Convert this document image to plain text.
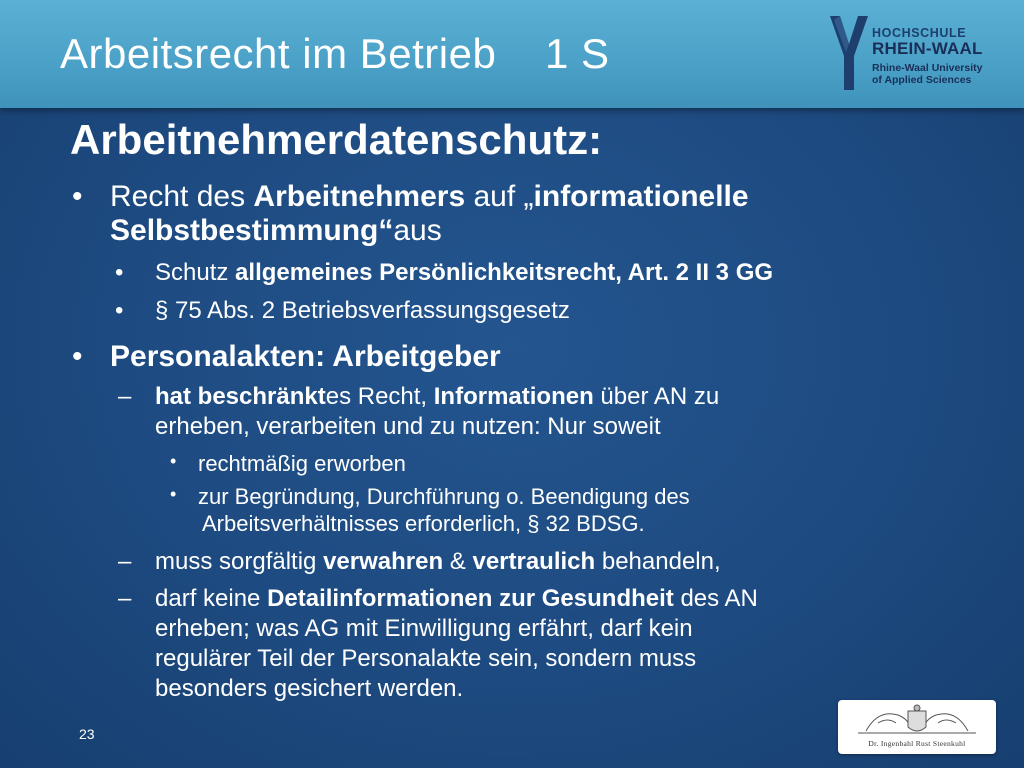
Arbeitsrecht im Betrieb    1 S	HOCHSCHULE
RHEIN-WAAL
Rhine-Waal University
of Applied Sciences
Arbeitnehmerdatenschutz:
• Recht des Arbeitnehmers auf „informationelle
Selbstbestimmung“aus
• Schutz allgemeines Persönlichkeitsrecht, Art. 2 II 3 GG
• § 75 Abs. 2 Betriebsverfassungsgesetz
• Personalakten: Arbeitgeber
– hat beschränktes Recht, Informationen über AN zu
erheben, verarbeiten und zu nutzen: Nur soweit
• rechtmäßig erworben
• zur Begründung, Durchführung o. Beendigung des
Arbeitsverhältnisses erforderlich, § 32 BDSG.
– muss sorgfältig verwahren & vertraulich behandeln,
– darf keine Detailinformationen zur Gesundheit des AN
erheben; was AG mit Einwilligung erfährt, darf kein
regulärer Teil der Personalakte sein, sondern muss
besonders gesichert werden.
23
Dr. Ingenbahl Rust Steenkuhl
